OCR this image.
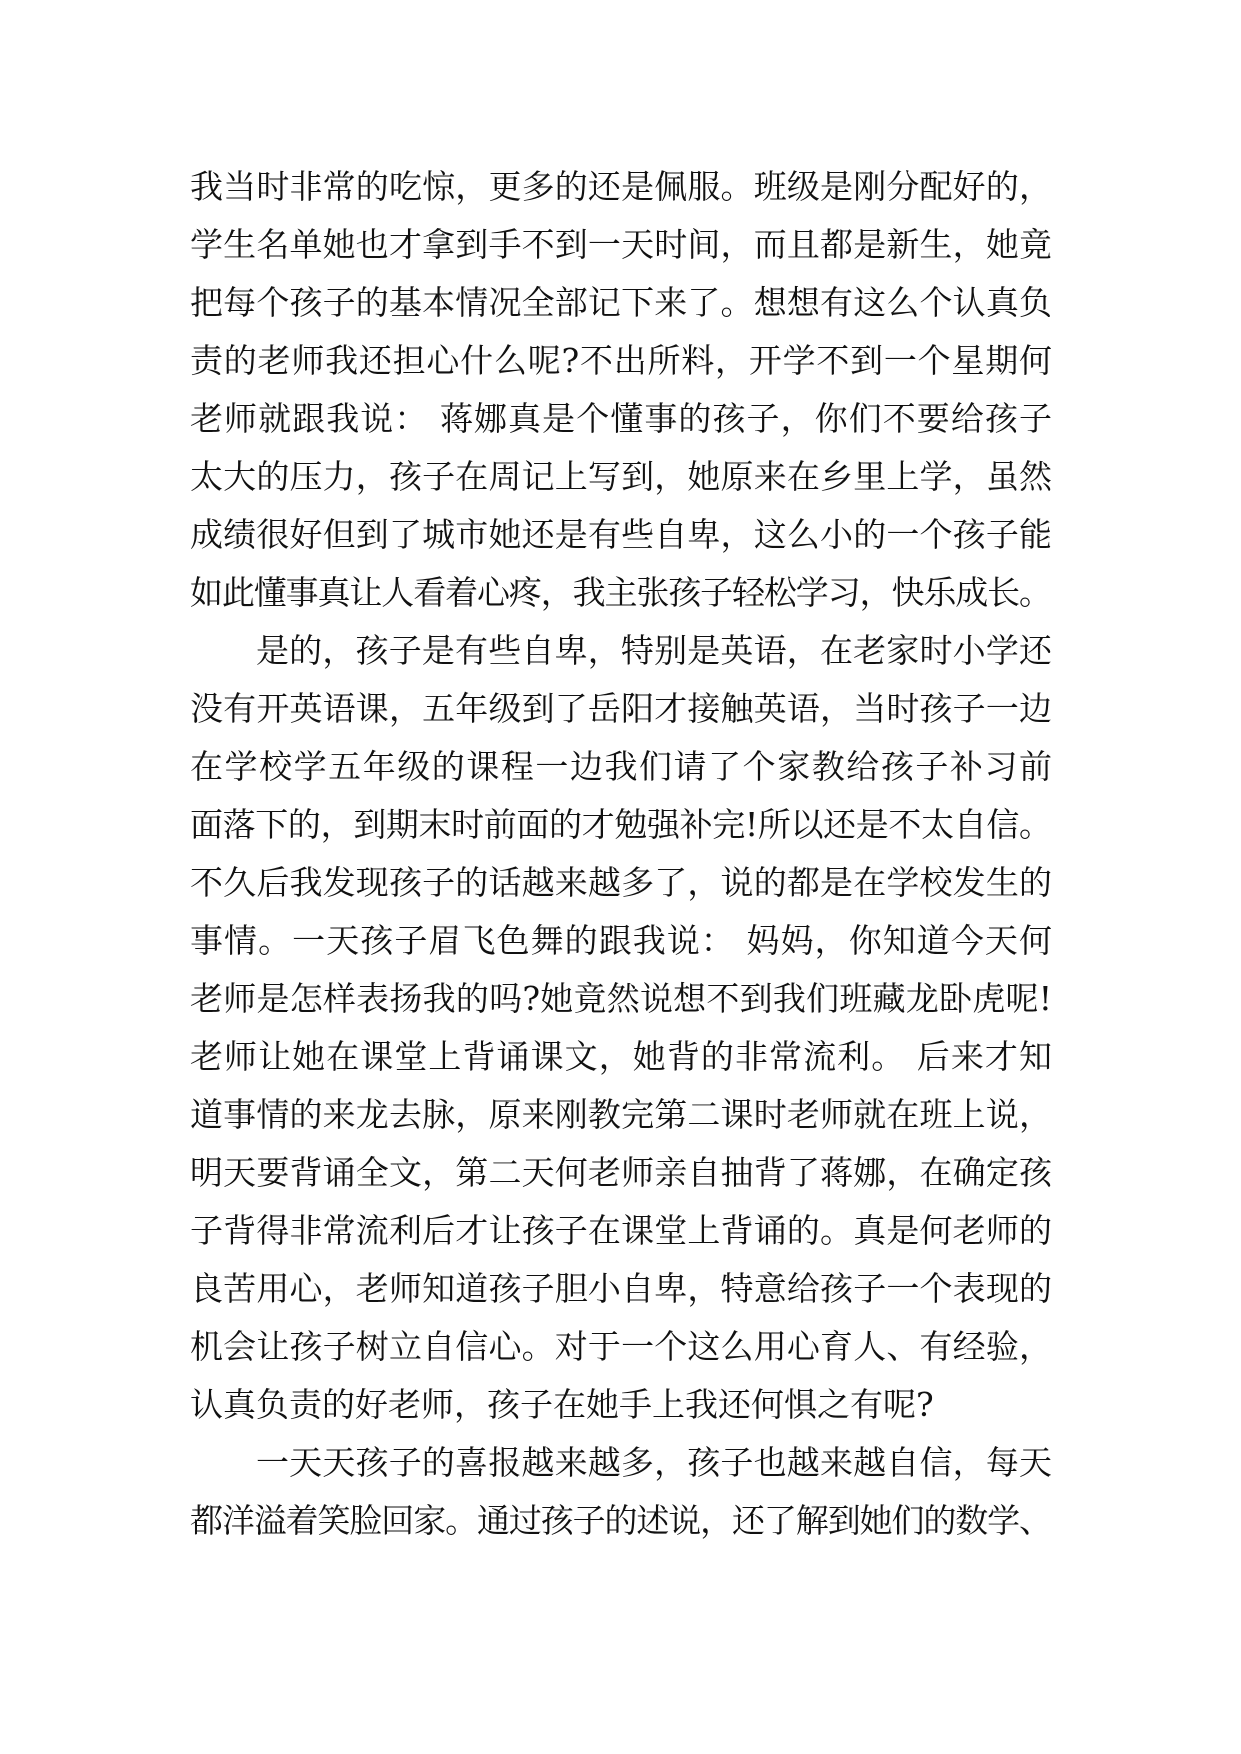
我当时非常的吃惊，更多的还是佩服。班级是刚分配好的，
学生名单她也才拿到手不到一天时间，而且都是新生，她竟
把每个孩子的基本情况全部记下来了。想想有这么个认真负
责的老师我还担心什么呢?不出所料，开学不到一个星期何
老师就跟我说： 蒋娜真是个懂事的孩子，你们不要给孩子
太大的压力，孩子在周记上写到，她原来在乡里上学，虽然
成绩很好但到了城市她还是有些自卑，这么小的一个孩子能
如此懂事真让人看着心疼，我主张孩子轻松学习，快乐成长。
是的，孩子是有些自卑，特别是英语，在老家时小学还
没有开英语课，五年级到了岳阳才接触英语，当时孩子一边
在学校学五年级的课程一边我们请了个家教给孩子补习前
面落下的，到期末时前面的才勉强补完!所以还是不太自信。
不久后我发现孩子的话越来越多了，说的都是在学校发生的
事情。一天孩子眉飞色舞的跟我说： 妈妈，你知道今天何
老师是怎样表扬我的吗?她竟然说想不到我们班藏龙卧虎呢!
老师让她在课堂上背诵课文，她背的非常流利。 后来才知
道事情的来龙去脉，原来刚教完第二课时老师就在班上说，
明天要背诵全文，第二天何老师亲自抽背了蒋娜，在确定孩
子背得非常流利后才让孩子在课堂上背诵的。真是何老师的
良苦用心，老师知道孩子胆小自卑，特意给孩子一个表现的
机会让孩子树立自信心。对于一个这么用心育人、有经验，
认真负责的好老师，孩子在她手上我还何惧之有呢?
一天天孩子的喜报越来越多，孩子也越来越自信，每天
都洋溢着笑脸回家。通过孩子的述说，还了解到她们的数学、
